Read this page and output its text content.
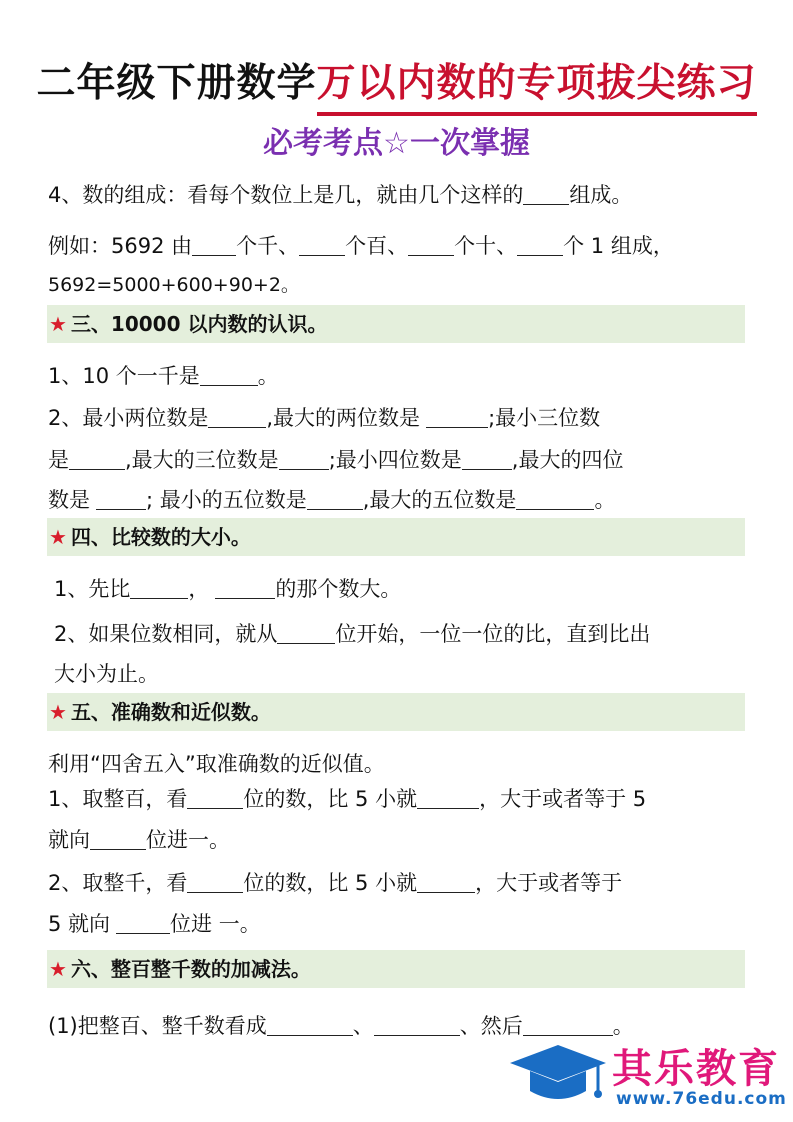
二年级下册数学万以内数的专项拔尖练习
必考考点☆一次掌握
4、数的组成：看每个数位上是几，就由几个这样的 组成。
例如：5692 由 个千、 个百、 个十、 个 1 组成，
5692=5000+600+90+2。
★ 三、10000 以内数的认识。
1、10 个一千是	。
2、最小两位数是	,最大的两位数是	;最小三位数
是	,最大的三位数是 ;最小四位数是 ,最大的四位
数是	; 最小的五位数是	,最大的五位数是	。
★ 四、比较数的大小。
1、先比	，	的那个数大。
2、如果位数相同，就从	位开始，一位一位的比，直到比出
大小为止。
★ 五、准确数和近似数。
利用“四舍五入”取准确数的近似值。
1、取整百，看	位的数，比 5 小就	，大于或者等于 5
就向	位进一。
2、取整千，看	位的数，比 5 小就	，大于或者等于
5 就向	位进 一。
★ 六、整百整千数的加减法。
(1)把整百、整千数看成	、	、然后	。
其乐教育
www.76edu.com
